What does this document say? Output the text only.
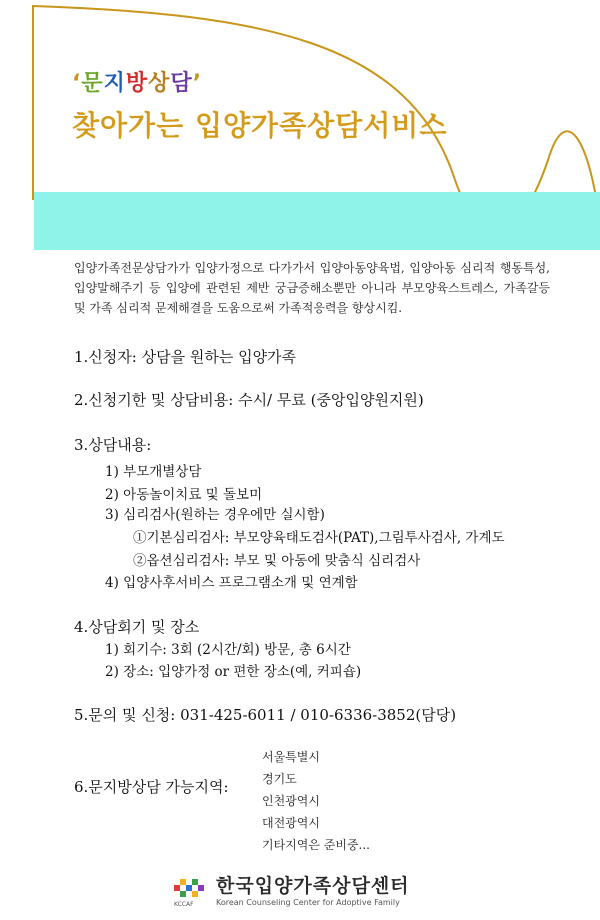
‘문지방상담’
찾아가는 입양가족상담서비스
입양가족전문상담가가 입양가정으로 다가가서 입양아동양육법, 입양아동 심리적 행동특성, 입양말해주기 등 입양에 관련된 제반 궁금증해소뿐만 아니라 부모양육스트레스, 가족갈등 및 가족 심리적 문제해결을 도움으로써 가족적응력을 향상시킴.
1.신청자: 상담을 원하는 입양가족
2.신청기한 및 상담비용: 수시/ 무료 (중앙입양원지원)
3.상담내용:
1) 부모개별상담
2) 아동놀이치료 및 돌보미
3) 심리검사(원하는 경우에만 실시함)
①기본심리검사: 부모양육태도검사(PAT),그림투사검사, 가계도
②옵션심리검사: 부모 및 아동에 맞춤식 심리검사
4) 입양사후서비스 프로그램소개 및 연계함
4.상담회기 및 장소
1) 회기수: 3회 (2시간/회) 방문, 총 6시간
2) 장소: 입양가정 or 편한 장소(예, 커피숍)
5.문의 및 신청: 031-425-6011 / 010-6336-3852(담당)
6.문지방상담 가능지역:
서울특별시
경기도
인천광역시
대전광역시
기타지역은 준비중...
KCCAF
한국입양가족상담센터
Korean Counseling Center for Adoptive Family
